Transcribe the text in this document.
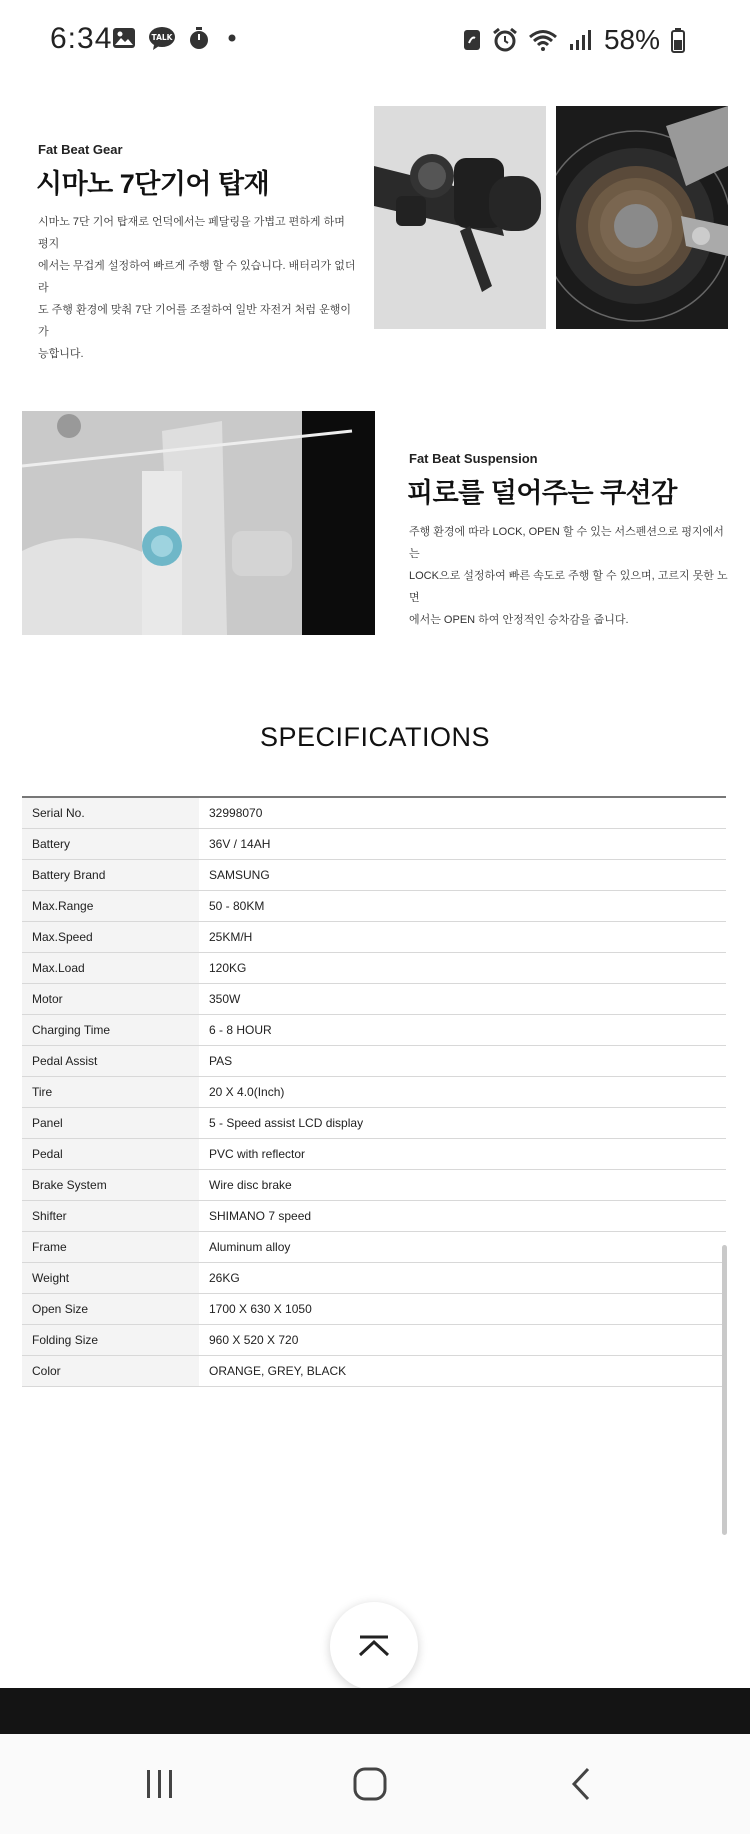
6:34	TALK	58%
Fat Beat Gear
시마노 7단기어 탑재
시마노 7단 기어 탑재로 언덕에서는 페달링을 가볍고 편하게 하며 평지
에서는 무겁게 설정하여 빠르게 주행 할 수 있습니다. 배터리가 없더라
도 주행 환경에 맞춰 7단 기어를 조절하여 일반 자전거 처럼 운행이 가
능합니다.
Fat Beat Suspension
피로를 덜어주는 쿠션감
주행 환경에 따라 LOCK, OPEN 할 수 있는 서스펜션으로 평지에서는
LOCK으로 설정하여 빠른 속도로 주행 할 수 있으며, 고르지 못한 노면
에서는 OPEN 하여 안정적인 승차감을 줍니다.
SPECIFICATIONS
Serial No.	32998070
Battery	36V / 14AH
Battery Brand	SAMSUNG
Max.Range	50 - 80KM
Max.Speed	25KM/H
Max.Load	120KG
Motor	350W
Charging Time	6 - 8 HOUR
Pedal Assist	PAS
Tire	20 X 4.0(Inch)
Panel	5 - Speed assist LCD display
Pedal	PVC with reflector
Brake System	Wire disc brake
Shifter	SHIMANO 7 speed
Frame	Aluminum alloy
Weight	26KG
Open Size	1700 X 630 X 1050
Folding Size	960 X 520 X 720
Color	ORANGE, GREY, BLACK
